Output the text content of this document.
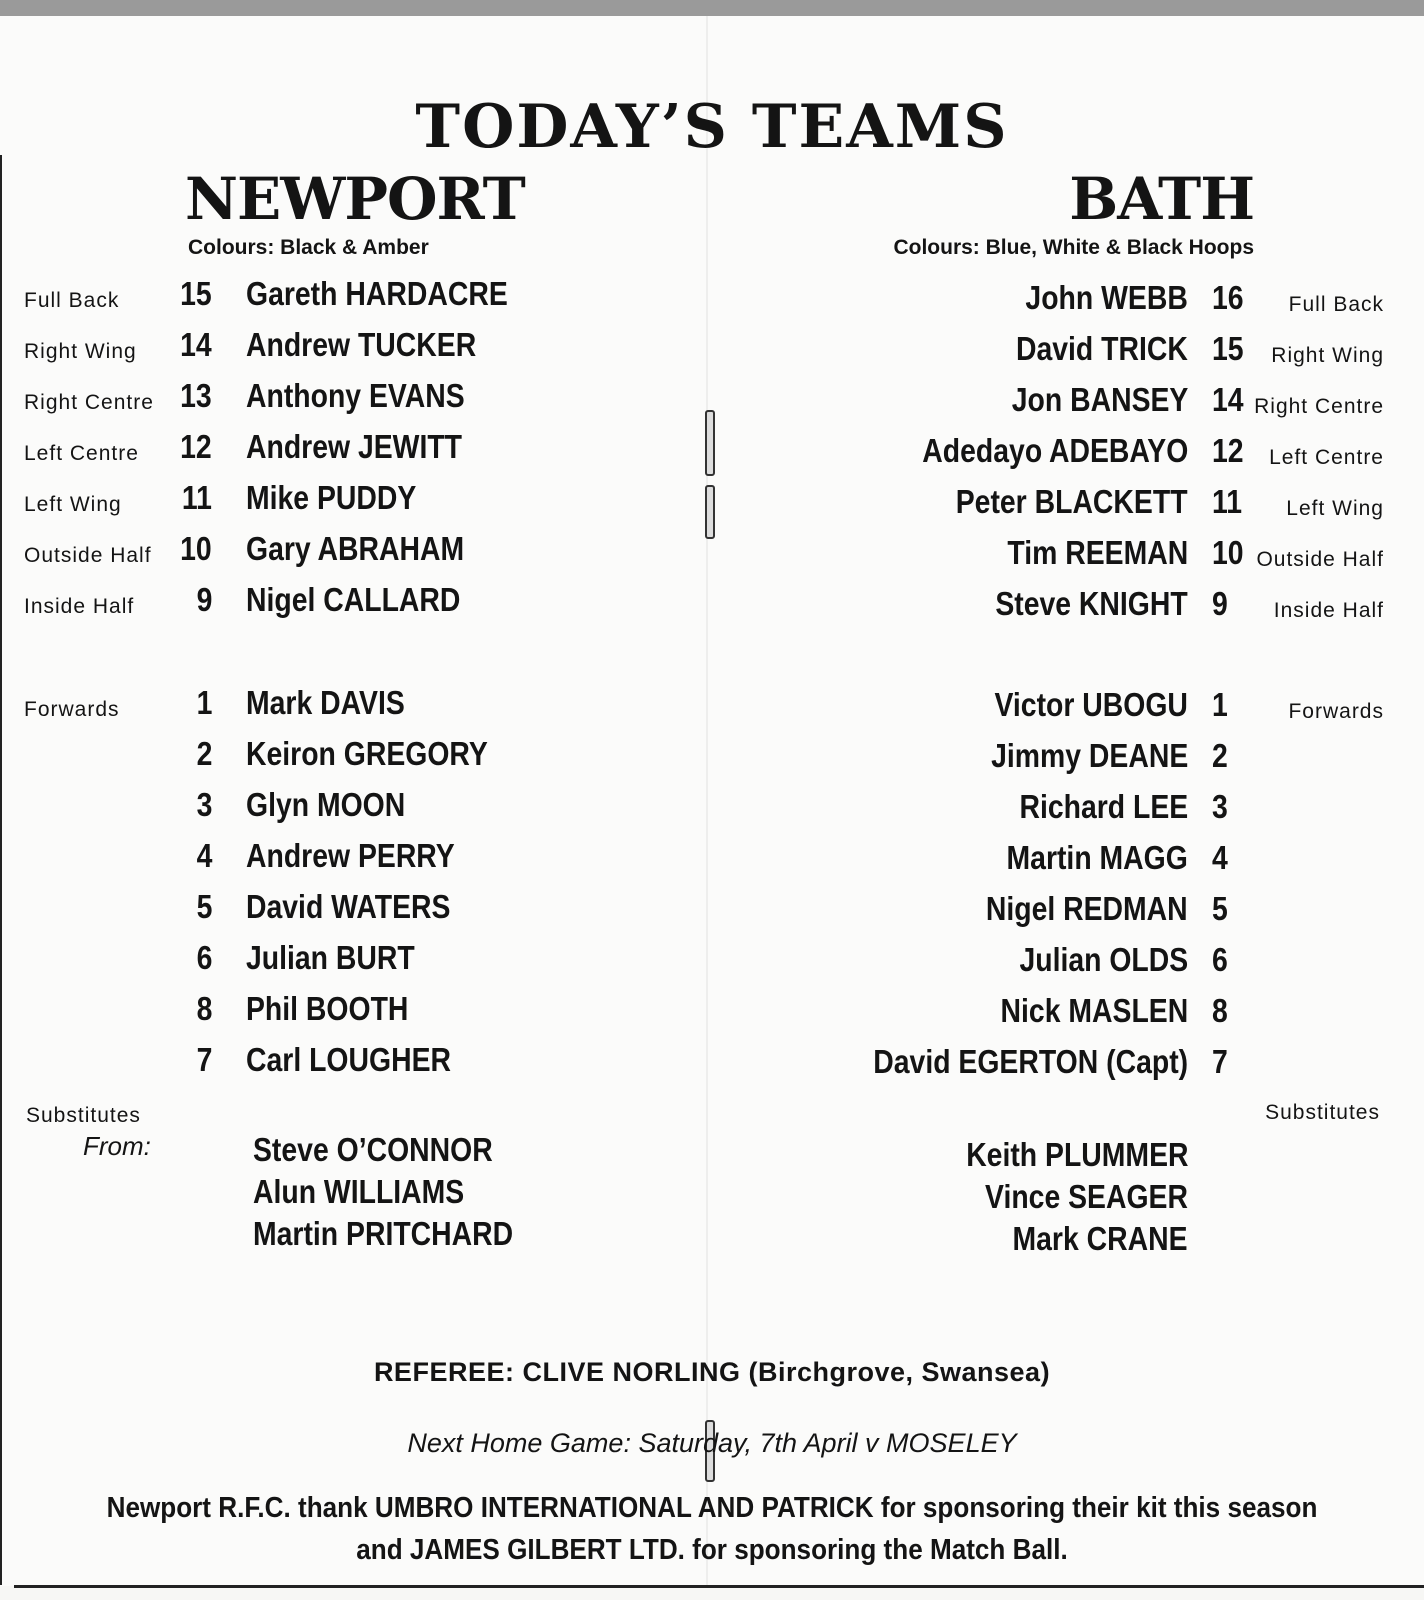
TODAY’S TEAMS
NEWPORT

Colours: Black & Amber

BATH

Colours: Blue, White & Black Hoops

Full Back 15 Gareth HARDACRE
Right Wing 14 Andrew TUCKER
Right Centre 13 Anthony EVANS
Left Centre 12 Andrew JEWITT
Left Wing 11 Mike PUDDY
Outside Half 10 Gary ABRAHAM
Inside Half 9 Nigel CALLARD
Forwards 1 Mark DAVIS
2 Keiron GREGORY
3 Glyn MOON
4 Andrew PERRY
5 David WATERS
6 Julian BURT
8 Phil BOOTH
7 Carl LOUGHER
Substitutes
From:	Steve O’CONNOR
Alun WILLIAMS
Martin PRITCHARD
John WEBB 16 Full Back
David TRICK 15 Right Wing
Jon BANSEY 14 Right Centre
Adedayo ADEBAYO 12 Left Centre
Peter BLACKETT 11 Left Wing
Tim REEMAN 10 Outside Half
Steve KNIGHT 9 Inside Half
Victor UBOGU 1	Forwards
Jimmy DEANE 2
Richard LEE 3
Martin MAGG 4
Nigel REDMAN 5
Julian OLDS 6
Nick MASLEN 8
David EGERTON (Capt) 7
Substitutes
Keith PLUMMER
Vince SEAGER
Mark CRANE

REFEREE: CLIVE NORLING (Birchgrove, Swansea)

Next Home Game: Saturday, 7th April v MOSELEY

Newport R.F.C. thank UMBRO INTERNATIONAL AND PATRICK for sponsoring their kit this season

and JAMES GILBERT LTD. for sponsoring the Match Ball.
